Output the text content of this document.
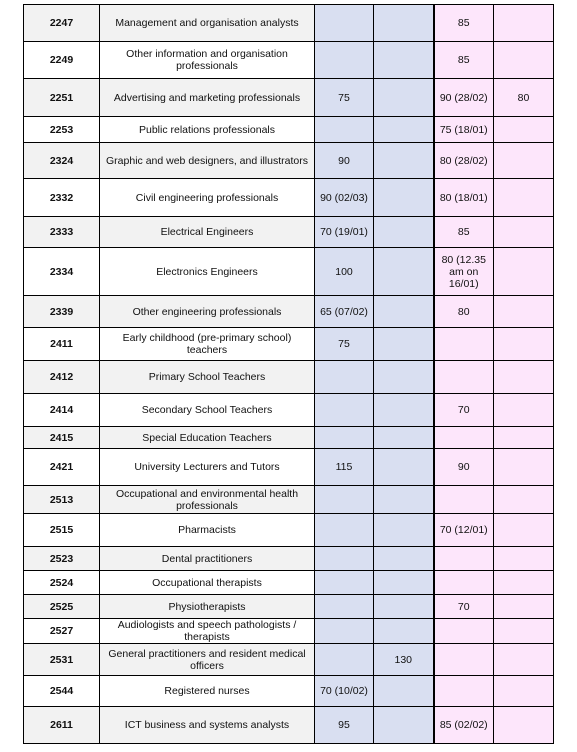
2247	Management and organisation analysts			85	
2249	Other information and organisation professionals			85	
2251	Advertising and marketing professionals	75		90 (28/02)	80
2253	Public relations professionals			75 (18/01)	
2324	Graphic and web designers, and illustrators	90		80 (28/02)	
2332	Civil engineering professionals	90 (02/03)		80 (18/01)	
2333	Electrical Engineers	70 (19/01)		85	
2334	Electronics Engineers	100		80 (12.35 am on 16/01)	
2339	Other engineering professionals	65 (07/02)		80	
2411	Early childhood (pre-primary school) teachers	75			
2412	Primary School Teachers				
2414	Secondary School Teachers			70	
2415	Special Education Teachers				
2421	University Lecturers and Tutors	115		90	
2513	Occupational and environmental health professionals				
2515	Pharmacists			70 (12/01)	
2523	Dental practitioners				
2524	Occupational therapists				
2525	Physiotherapists			70	
2527	Audiologists and speech pathologists / therapists				
2531	General practitioners and resident medical officers		130		
2544	Registered nurses	70 (10/02)			
2611	ICT business and systems analysts	95		85 (02/02)	
